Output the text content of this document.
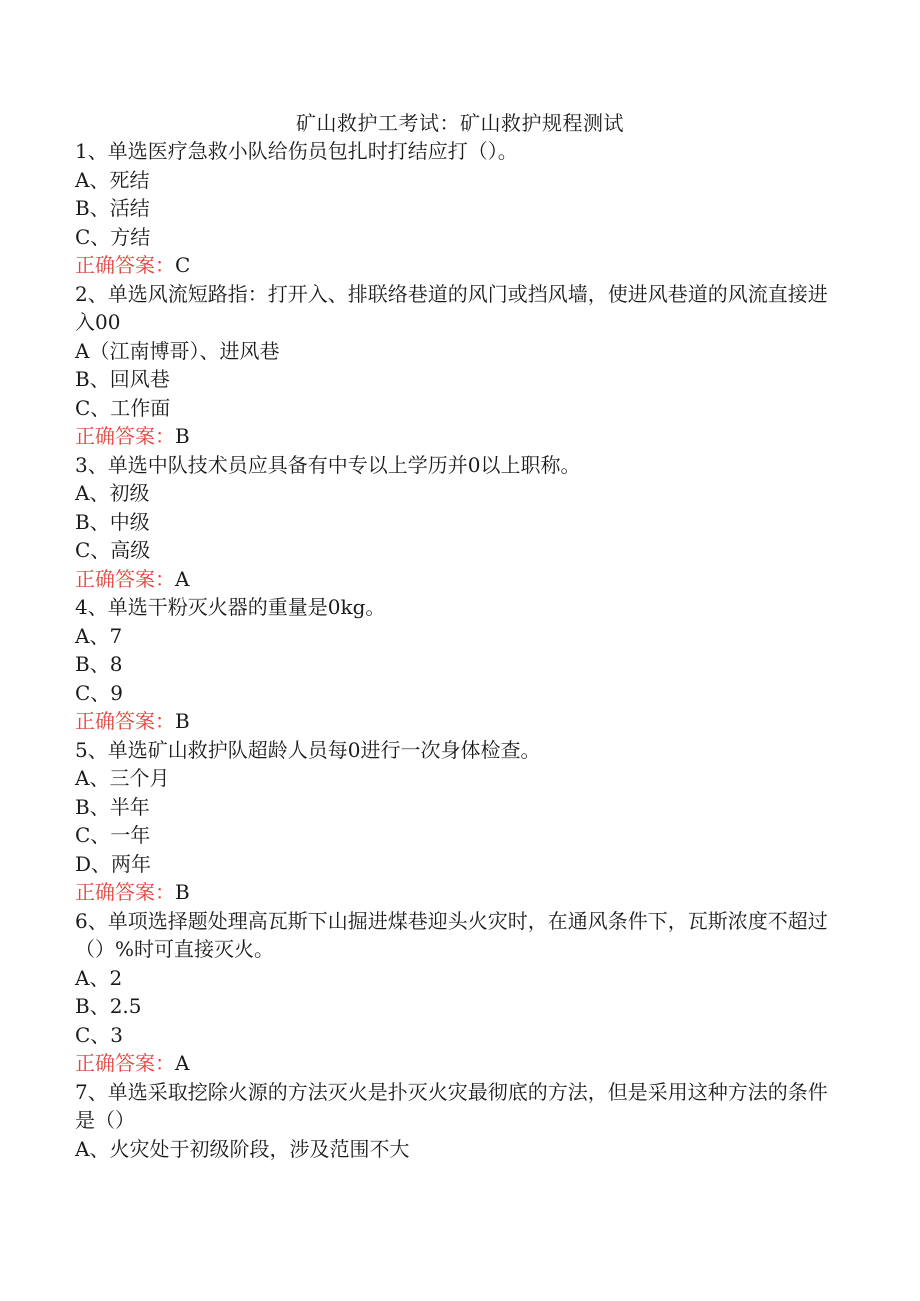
矿山救护工考试：矿山救护规程测试
1、单选医疗急救小队给伤员包扎时打结应打（）。
A、死结
B、活结
C、方结
正确答案：C
2、单选风流短路指：打开入、排联络巷道的风门或挡风墙，使进风巷道的风流直接进入00
A（江南博哥）、进风巷
B、回风巷
C、工作面
正确答案：B
3、单选中队技术员应具备有中专以上学历并0以上职称。
A、初级
B、中级
C、高级
正确答案：A
4、单选干粉灭火器的重量是0kg。
A、7
B、8
C、9
正确答案：B
5、单选矿山救护队超龄人员每0进行一次身体检查。
A、三个月
B、半年
C、一年
D、两年
正确答案：B
6、单项选择题处理高瓦斯下山掘进煤巷迎头火灾时，在通风条件下，瓦斯浓度不超过（）%时可直接灭火。
A、2
B、2.5
C、3
正确答案：A
7、单选采取挖除火源的方法灭火是扑灭火灾最彻底的方法，但是采用这种方法的条件是（）
A、火灾处于初级阶段，涉及范围不大
